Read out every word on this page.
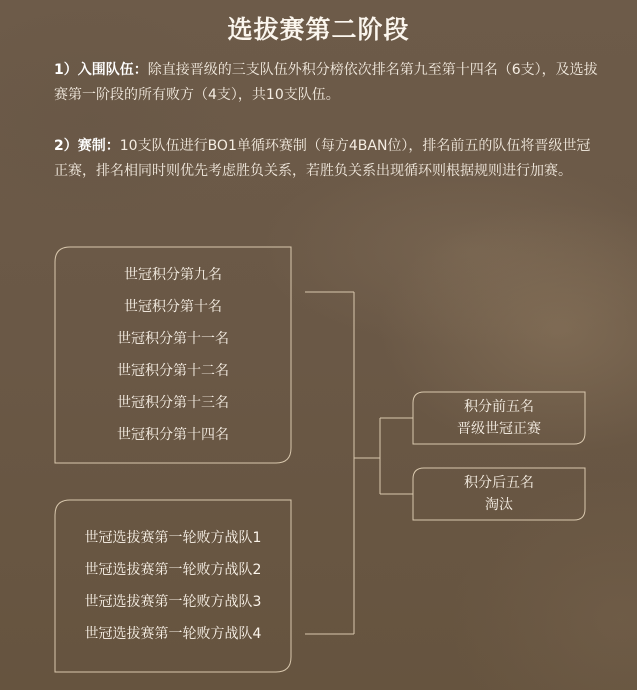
选拔赛第二阶段
1）入围队伍：除直接晋级的三支队伍外积分榜依次排名第九至第十四名（6支），及选拔赛第一阶段的所有败方（4支），共10支队伍。
2）赛制：10支队伍进行BO1单循环赛制（每方4BAN位），排名前五的队伍将晋级世冠正赛，排名相同时则优先考虑胜负关系，若胜负关系出现循环则根据规则进行加赛。
世冠积分第九名
世冠积分第十名
世冠积分第十一名
世冠积分第十二名
世冠积分第十三名
世冠积分第十四名
世冠选拔赛第一轮败方战队1
世冠选拔赛第一轮败方战队2
世冠选拔赛第一轮败方战队3
世冠选拔赛第一轮败方战队4
积分前五名
晋级世冠正赛
积分后五名
淘汰
